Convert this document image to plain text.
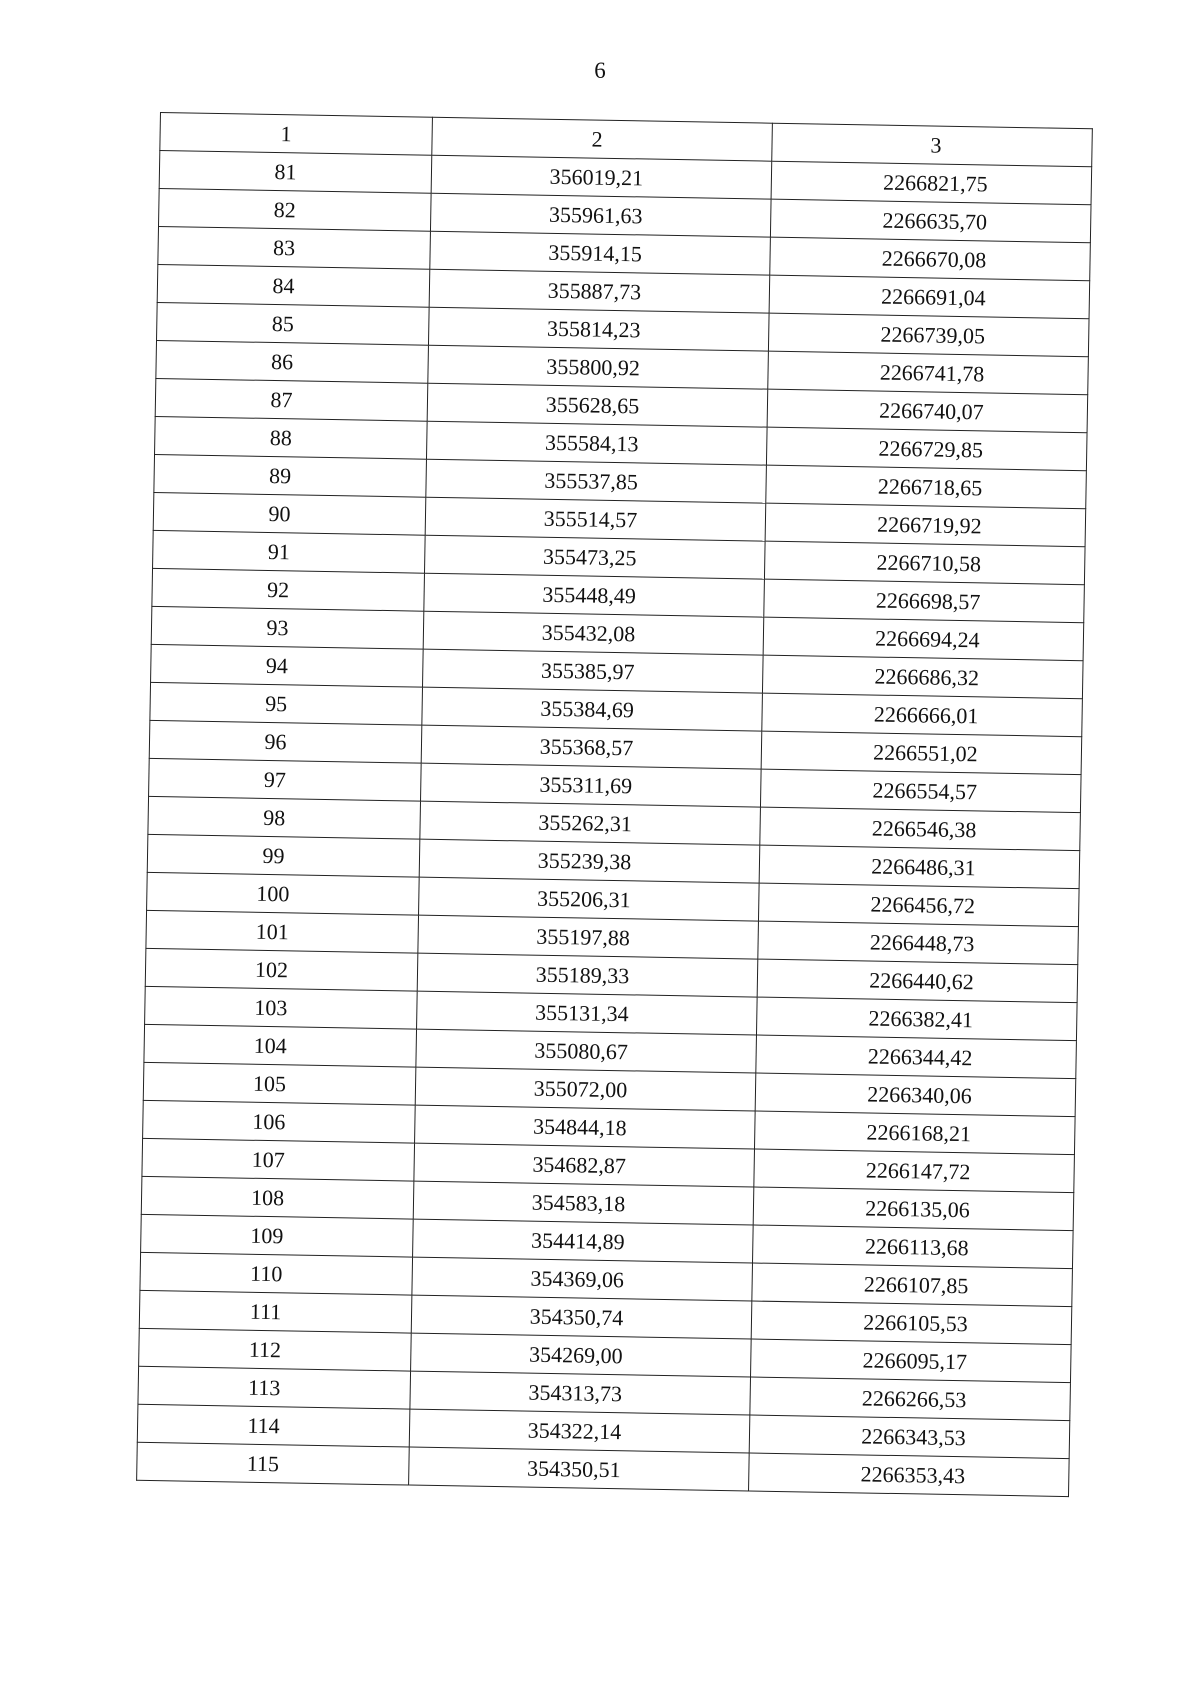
6
1	2	3
81	356019,21	2266821,75
82	355961,63	2266635,70
83	355914,15	2266670,08
84	355887,73	2266691,04
85	355814,23	2266739,05
86	355800,92	2266741,78
87	355628,65	2266740,07
88	355584,13	2266729,85
89	355537,85	2266718,65
90	355514,57	2266719,92
91	355473,25	2266710,58
92	355448,49	2266698,57
93	355432,08	2266694,24
94	355385,97	2266686,32
95	355384,69	2266666,01
96	355368,57	2266551,02
97	355311,69	2266554,57
98	355262,31	2266546,38
99	355239,38	2266486,31
100	355206,31	2266456,72
101	355197,88	2266448,73
102	355189,33	2266440,62
103	355131,34	2266382,41
104	355080,67	2266344,42
105	355072,00	2266340,06
106	354844,18	2266168,21
107	354682,87	2266147,72
108	354583,18	2266135,06
109	354414,89	2266113,68
110	354369,06	2266107,85
111	354350,74	2266105,53
112	354269,00	2266095,17
113	354313,73	2266266,53
114	354322,14	2266343,53
115	354350,51	2266353,43
